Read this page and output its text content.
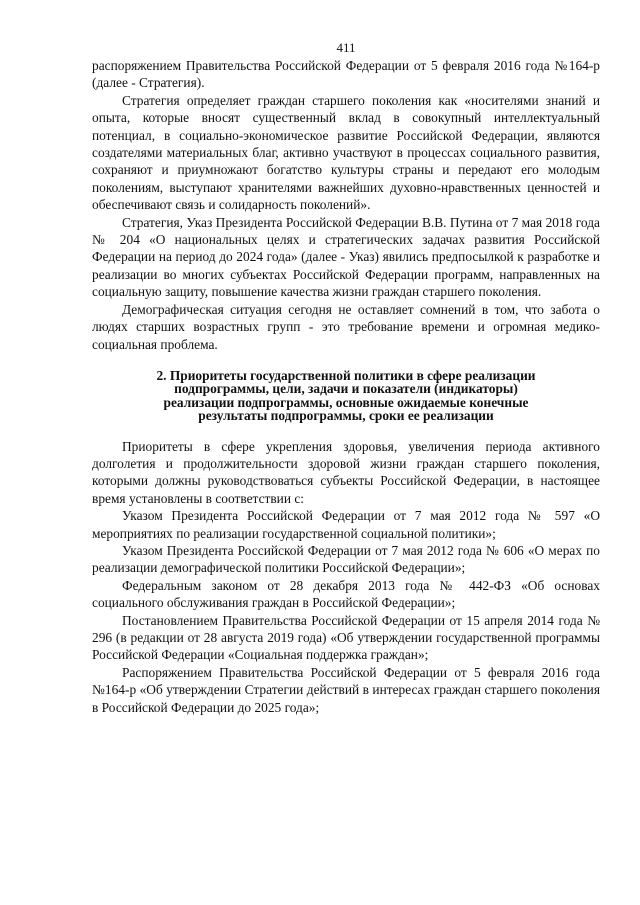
411

распоряжением Правительства Российской Федерации от 5 февраля 2016 года №164-р (далее - Стратегия).

Стратегия определяет граждан старшего поколения как «носителями знаний и опыта, которые вносят существенный вклад в совокупный интеллектуальный потенциал, в социально-экономическое развитие Российской Федерации, являются создателями материальных благ, активно участвуют в процессах социального развития, сохраняют и приумножают богатство культуры страны и передают его молодым поколениям, выступают хранителями важнейших духовно-нравственных ценностей и обеспечивают связь и солидарность поколений».

Стратегия, Указ Президента Российской Федерации В.В. Путина от 7 мая 2018 года № 204 «О национальных целях и стратегических задачах развития Российской Федерации на период до 2024 года» (далее - Указ) явились предпосылкой к разработке и реализации во многих субъектах Российской Федерации программ, направленных на социальную защиту, повышение качества жизни граждан старшего поколения.

Демографическая ситуация сегодня не оставляет сомнений в том, что забота о людях старших возрастных групп - это требование времени и огромная медико-социальная проблема.

2. Приоритеты государственной политики в сфере реализации
подпрограммы, цели, задачи и показатели (индикаторы)
реализации подпрограммы, основные ожидаемые конечные
результаты подпрограммы, сроки ее реализации

Приоритеты в сфере укрепления здоровья, увеличения периода активного долголетия и продолжительности здоровой жизни граждан старшего поколения, которыми должны руководствоваться субъекты Российской Федерации, в настоящее время установлены в соответствии с:

Указом Президента Российской Федерации от 7 мая 2012 года № 597 «О мероприятиях по реализации государственной социальной политики»;

Указом Президента Российской Федерации от 7 мая 2012 года № 606 «О мерах по реализации демографической политики Российской Федерации»;

Федеральным законом от 28 декабря 2013 года № 442-ФЗ «Об основах социального обслуживания граждан в Российской Федерации»;

Постановлением Правительства Российской Федерации от 15 апреля 2014 года № 296 (в редакции от 28 августа 2019 года) «Об утверждении государственной программы Российской Федерации «Социальная поддержка граждан»;

Распоряжением Правительства Российской Федерации от 5 февраля 2016 года №164-р «Об утверждении Стратегии действий в интересах граждан старшего поколения в Российской Федерации до 2025 года»;
